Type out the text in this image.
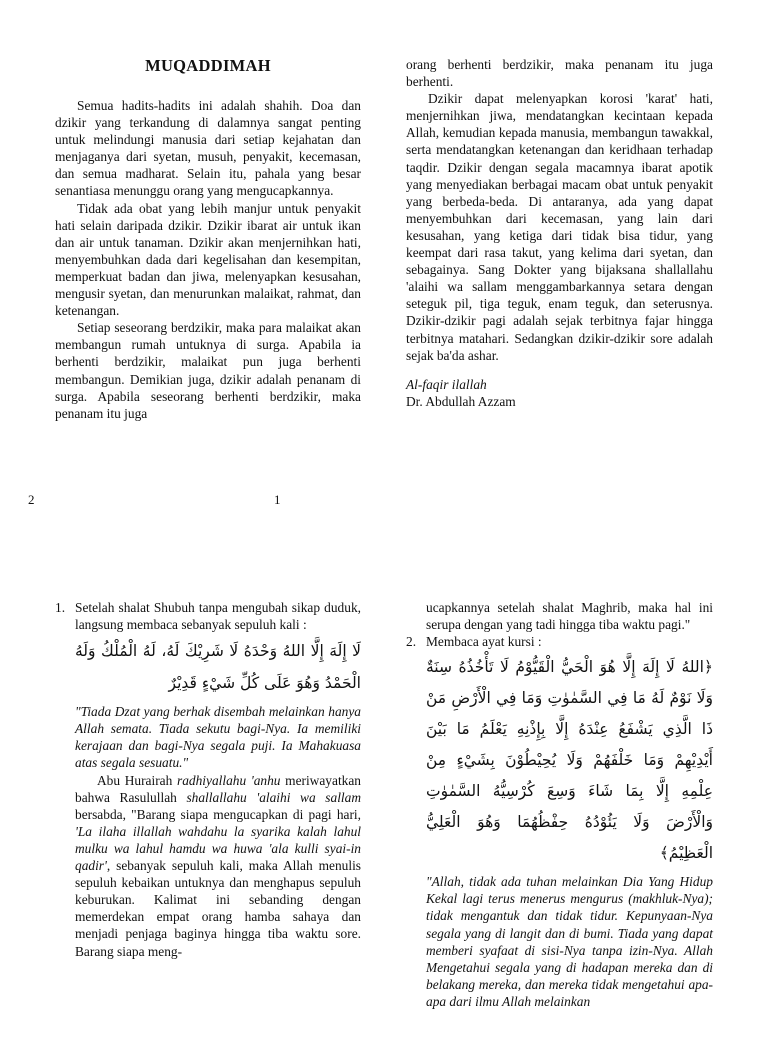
MUQADDIMAH

Semua hadits-hadits ini adalah shahih. Doa dan dzikir yang terkandung di dalamnya sangat penting untuk melindungi manusia dari setiap kejahatan dan menjaganya dari syetan, musuh, penyakit, kecemasan, dan semua madharat. Selain itu, pahala yang besar senantiasa menunggu orang yang mengucapkannya.

Tidak ada obat yang lebih manjur untuk penyakit hati selain daripada dzikir. Dzikir ibarat air untuk ikan dan air untuk tanaman. Dzikir akan menjernihkan hati, menyembuhkan dada dari kegelisahan dan kesempitan, memperkuat badan dan jiwa, melenyapkan kesusahan, mengusir syetan, dan menurunkan malaikat, rahmat, dan ketenangan.

Setiap seseorang berdzikir, maka para malaikat akan membangun rumah untuknya di surga. Apabila ia berhenti berdzikir, malaikat pun juga berhenti membangun. Demikian juga, dzikir adalah penanam di surga. Apabila seseorang berhenti berdzikir, maka penanam itu juga

orang berhenti berdzikir, maka penanam itu juga berhenti.

Dzikir dapat melenyapkan korosi 'karat' hati, menjernihkan jiwa, mendatangkan kecintaan kepada Allah, kemudian kepada manusia, membangun tawakkal, serta mendatangkan ketenangan dan keridhaan terhadap taqdir. Dzikir dengan segala macamnya ibarat apotik yang menyediakan berbagai macam obat untuk penyakit yang berbeda-beda. Di antaranya, ada yang dapat menyembuhkan dari kecemasan, yang lain dari kesusahan, yang ketiga dari tidak bisa tidur, yang keempat dari rasa takut, yang kelima dari syetan, dan sebagainya. Sang Dokter yang bijaksana shallallahu 'alaihi wa sallam menggambarkannya setara dengan seteguk pil, tiga teguk, enam teguk, dan seterusnya. Dzikir-dzikir pagi adalah sejak terbitnya fajar hingga terbitnya matahari. Sedangkan dzikir-dzikir sore adalah sejak ba'da ashar.

Al-faqir ilallah

Dr. Abdullah Azzam

2	1
1. Setelah shalat Shubuh tanpa mengubah sikap duduk, langsung membaca sebanyak sepuluh kali :
لَا إِلَهَ إِلَّا اللهُ وَحْدَهُ لَا شَرِيْكَ لَهُ، لَهُ الْمُلْكُ وَلَهُ الْحَمْدُ وَهُوَ عَلَى كُلِّ شَيْءٍ قَدِيْرٌ

"Tiada Dzat yang berhak disembah melainkan hanya Allah semata. Tiada sekutu bagi-Nya. Ia memiliki kerajaan dan bagi-Nya segala puji. Ia Mahakuasa atas segala sesuatu."

Abu Hurairah radhiyallahu 'anhu meriwayatkan bahwa Rasulullah shallallahu 'alaihi wa sallam bersabda, "Barang siapa mengucapkan di pagi hari, 'La ilaha illallah wahdahu la syarika kalah lahul mulku wa lahul hamdu wa huwa 'ala kulli syai-in qadir', sebanyak sepuluh kali, maka Allah menulis sepuluh kebaikan untuknya dan menghapus sepuluh keburukan. Kalimat ini sebanding dengan memerdekan empat orang hamba sahaya dan menjadi penjaga baginya hingga tiba waktu sore. Barang siapa meng-

ucapkannya setelah shalat Maghrib, maka hal ini serupa dengan yang tadi hingga tiba waktu pagi."

2. Membaca ayat kursi :
﴿اللهُ لَا إِلَهَ إِلَّا هُوَ الْحَيُّ الْقَيُّوْمُ لَا تَأْخُذُهُ سِنَةٌ وَلَا نَوْمٌ لَهُ مَا فِي السَّمٰوٰتِ وَمَا فِي الْأَرْضِ مَنْ ذَا الَّذِي يَشْفَعُ عِنْدَهُ إِلَّا بِإِذْنِهِ يَعْلَمُ مَا بَيْنَ أَيْدِيْهِمْ وَمَا خَلْفَهُمْ وَلَا يُحِيْطُوْنَ بِشَيْءٍ مِنْ عِلْمِهِ إِلَّا بِمَا شَاءَ وَسِعَ كُرْسِيُّهُ السَّمٰوٰتِ وَالْأَرْضَ وَلَا يَئُوْدُهُ حِفْظُهُمَا وَهُوَ الْعَلِيُّ الْعَظِيْمُ﴾

"Allah, tidak ada tuhan melainkan Dia Yang Hidup Kekal lagi terus menerus mengurus (makhluk-Nya); tidak mengantuk dan tidak tidur. Kepunyaan-Nya segala yang di langit dan di bumi. Tiada yang dapat memberi syafaat di sisi-Nya tanpa izin-Nya. Allah Mengetahui segala yang di hadapan mereka dan di belakang mereka, dan mereka tidak mengetahui apa-apa dari ilmu Allah melainkan
